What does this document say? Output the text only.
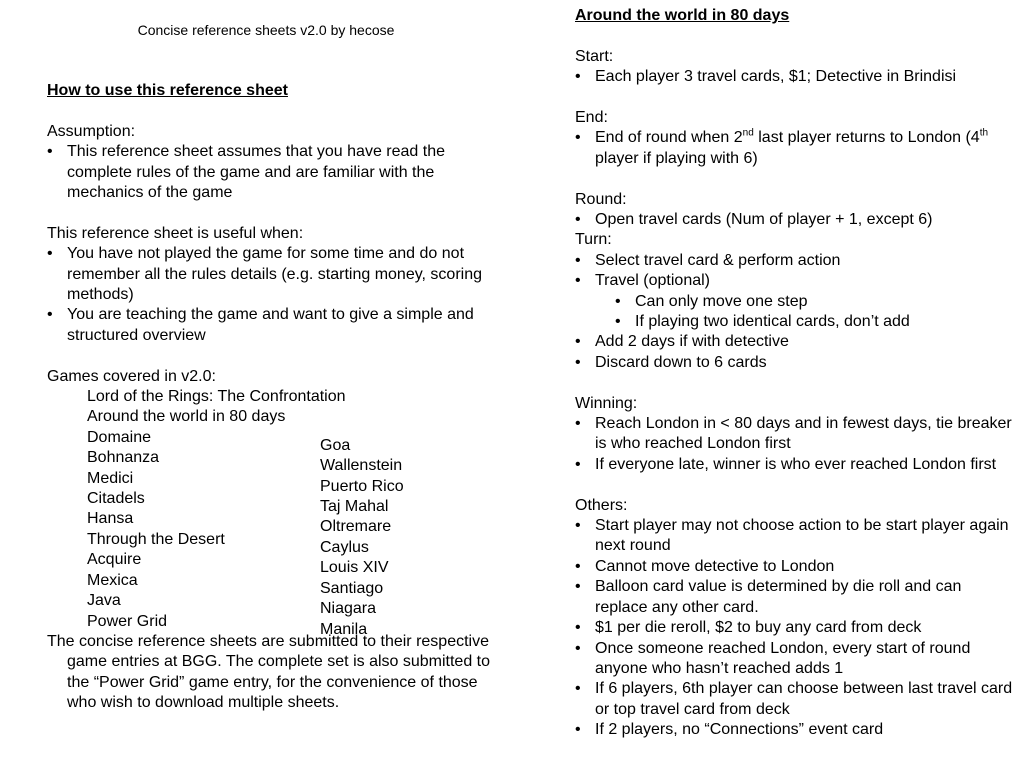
Concise reference sheets v2.0 by hecose
How to use this reference sheet
Assumption:
• This reference sheet assumes that you have read the complete rules of the game and are familiar with the mechanics of the game
This reference sheet is useful when:
• You have not played the game for some time and do not remember all the rules details (e.g. starting money, scoring methods)
• You are teaching the game and want to give a simple and structured overview
Games covered in v2.0:
Lord of the Rings: The Confrontation
Around the world in 80 days
Domaine
Bohnanza
Medici
Citadels
Hansa
Through the Desert
Acquire
Mexica
Java
Power Grid
Goa
Wallenstein
Puerto Rico
Taj Mahal
Oltremare
Caylus
Louis XIV
Santiago
Niagara
Manila
The concise reference sheets are submitted to their respective game entries at BGG. The complete set is also submitted to the “Power Grid” game entry, for the convenience of those who wish to download multiple sheets.
Around the world in 80 days
Start:
• Each player 3 travel cards, $1; Detective in Brindisi
End:
• End of round when 2nd last player returns to London (4th player if playing with 6)
Round:
• Open travel cards (Num of player + 1, except 6)
Turn:
• Select travel card & perform action
• Travel (optional)
• Can only move one step
• If playing two identical cards, don’t add
• Add 2 days if with detective
• Discard down to 6 cards
Winning:
• Reach London in < 80 days and in fewest days, tie breaker is who reached London first
• If everyone late, winner is who ever reached London first
Others:
• Start player may not choose action to be start player again next round
• Cannot move detective to London
• Balloon card value is determined by die roll and can replace any other card.
• $1 per die reroll, $2 to buy any card from deck
• Once someone reached London, every start of round anyone who hasn’t reached adds 1
• If 6 players, 6th player can choose between last travel card or top travel card from deck
• If 2 players, no “Connections” event card
